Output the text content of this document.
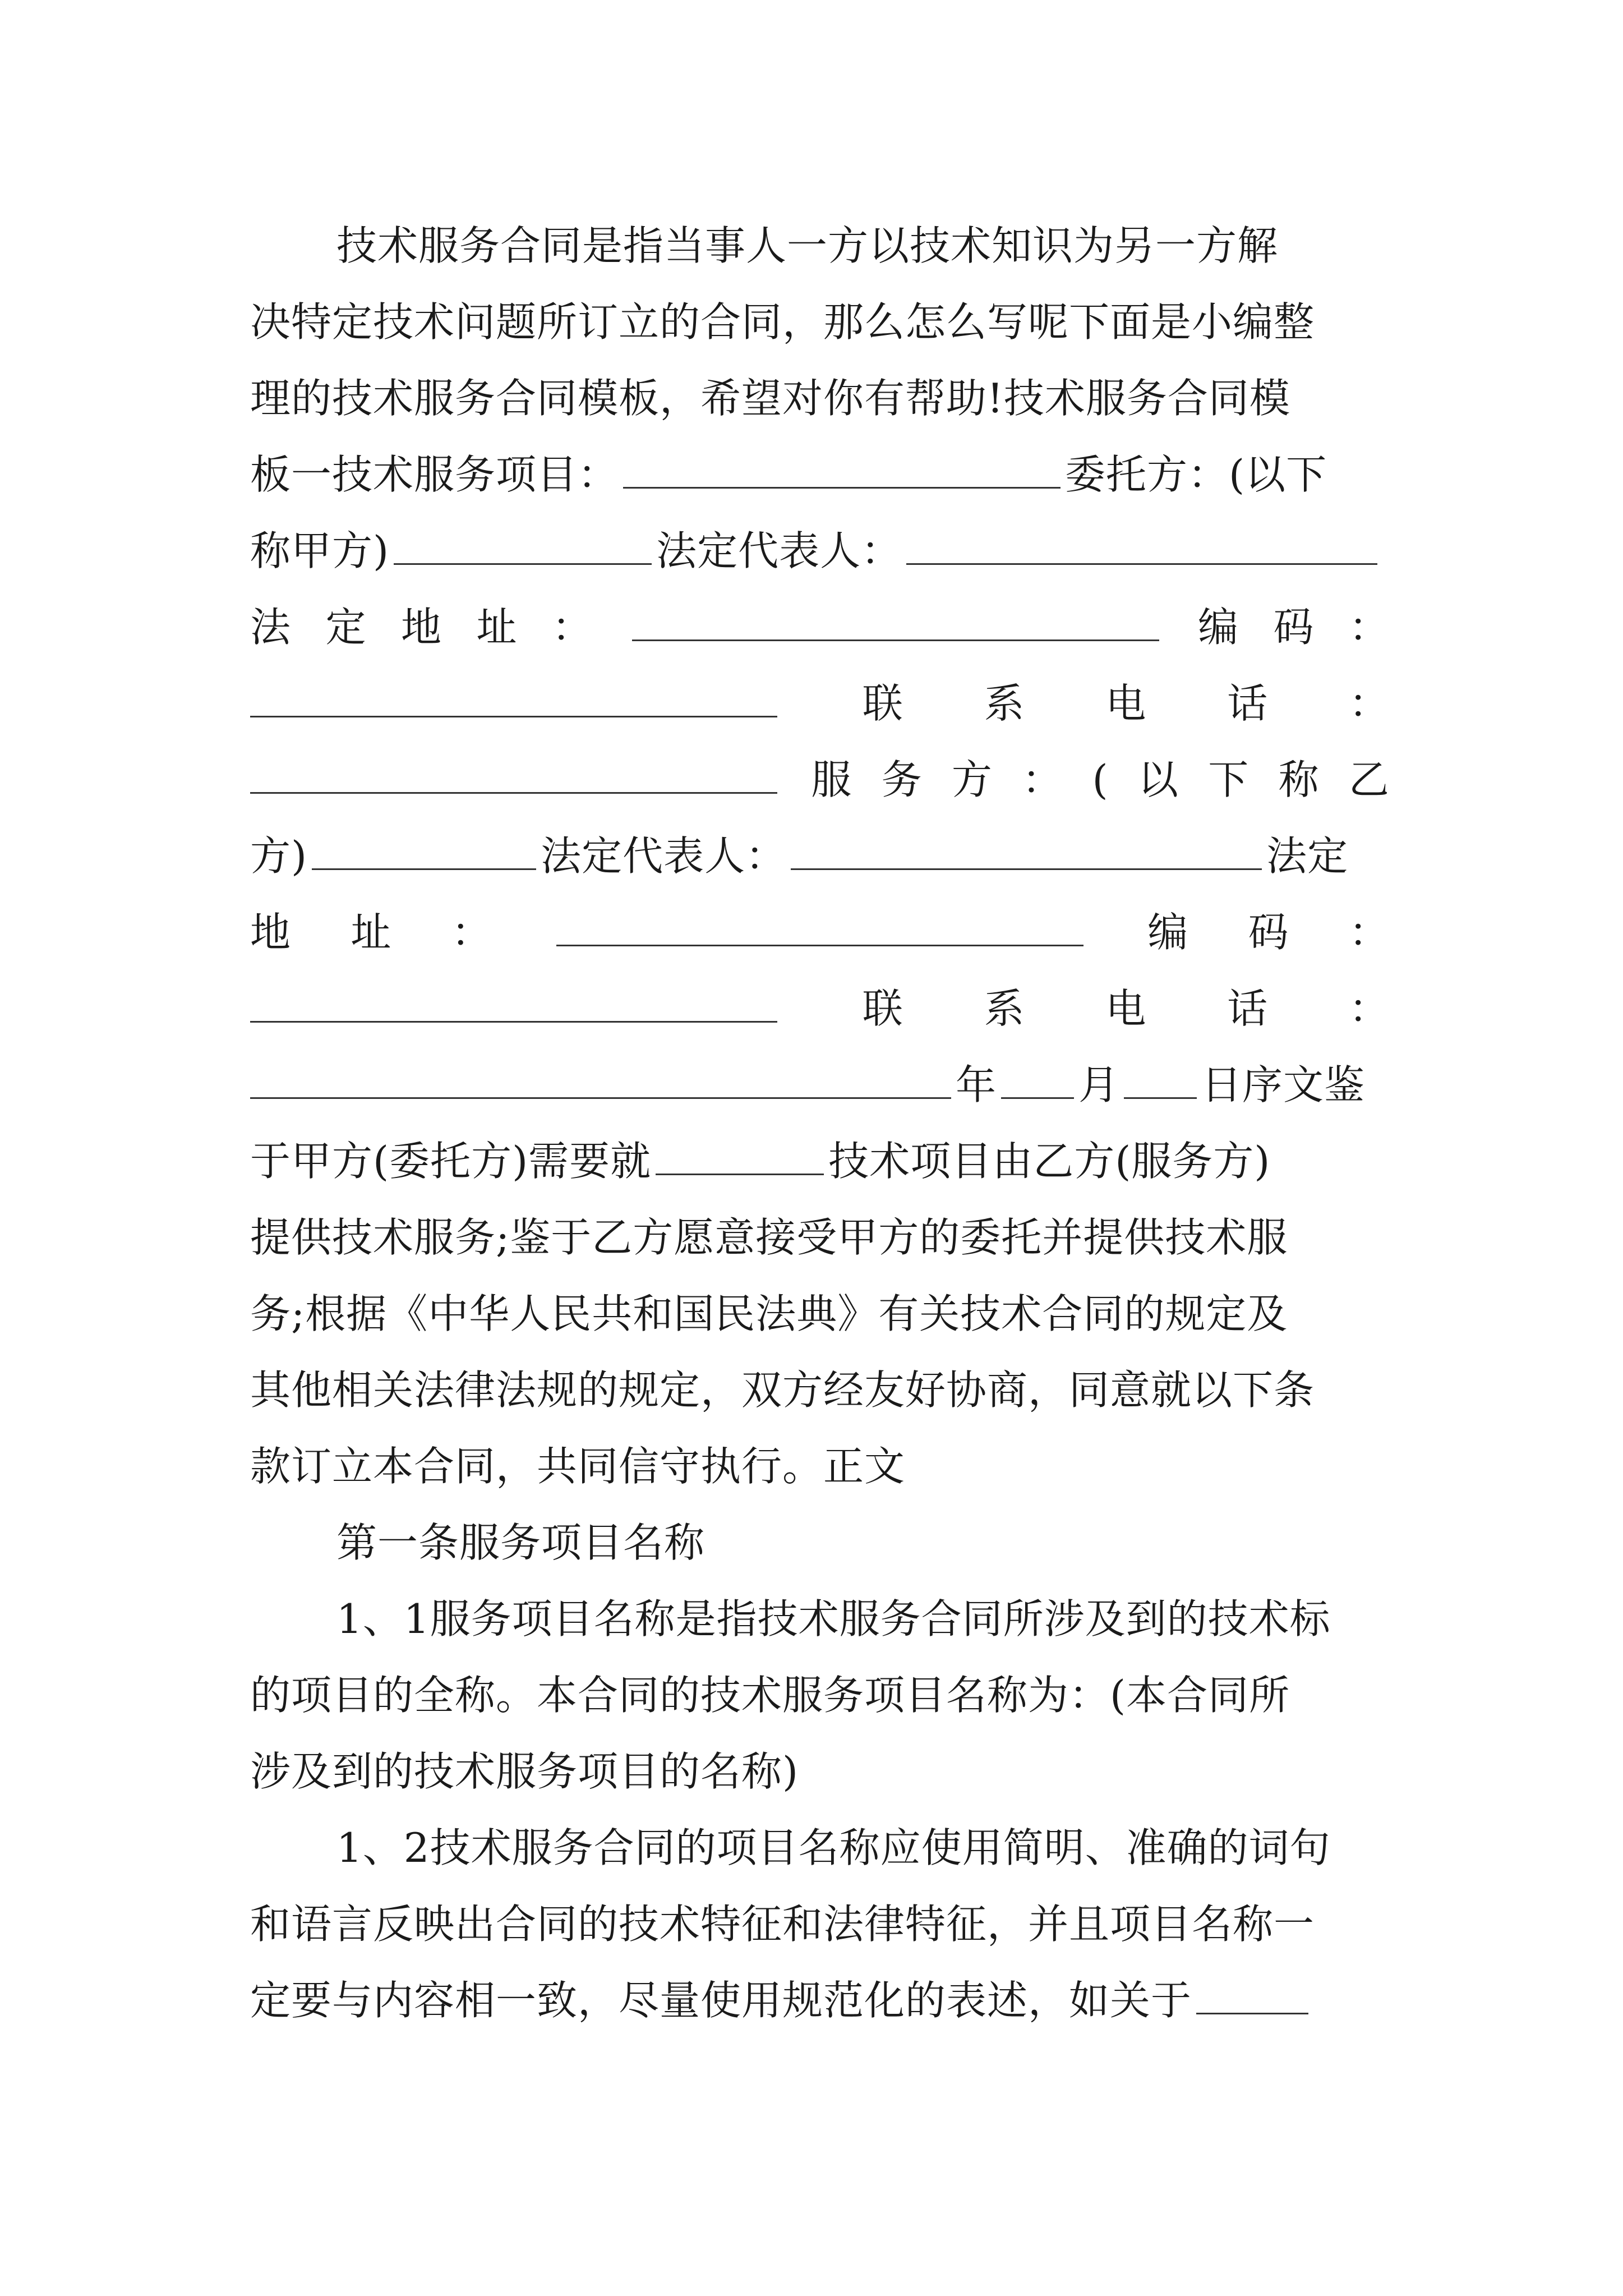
技术服务合同是指当事人一方以技术知识为另一方解
决特定技术问题所订立的合同，那么怎么写呢下面是小编整
理的技术服务合同模板，希望对你有帮助!技术服务合同模
板一技术服务项目：	委托方：(以下
称甲方)	法定代表人：
法 定 地 址 ：	编 码 ：
联 系 电 话 ：
服 务 方 ： ( 以 下 称 乙
方)	法定代表人：	法定
地 址 ：	编 码 ：
联 系 电 话 ：
年 月 日序文鉴
于甲方(委托方)需要就	技术项目由乙方(服务方)
提供技术服务;鉴于乙方愿意接受甲方的委托并提供技术服
务;根据《中华人民共和国民法典》有关技术合同的规定及
其他相关法律法规的规定，双方经友好协商，同意就以下条
款订立本合同，共同信守执行。正文
第一条服务项目名称
1、1服务项目名称是指技术服务合同所涉及到的技术标
的项目的全称。本合同的技术服务项目名称为：(本合同所
涉及到的技术服务项目的名称)
1、2技术服务合同的项目名称应使用简明、准确的词句
和语言反映出合同的技术特征和法律特征，并且项目名称一
定要与内容相一致，尽量使用规范化的表述，如关于
